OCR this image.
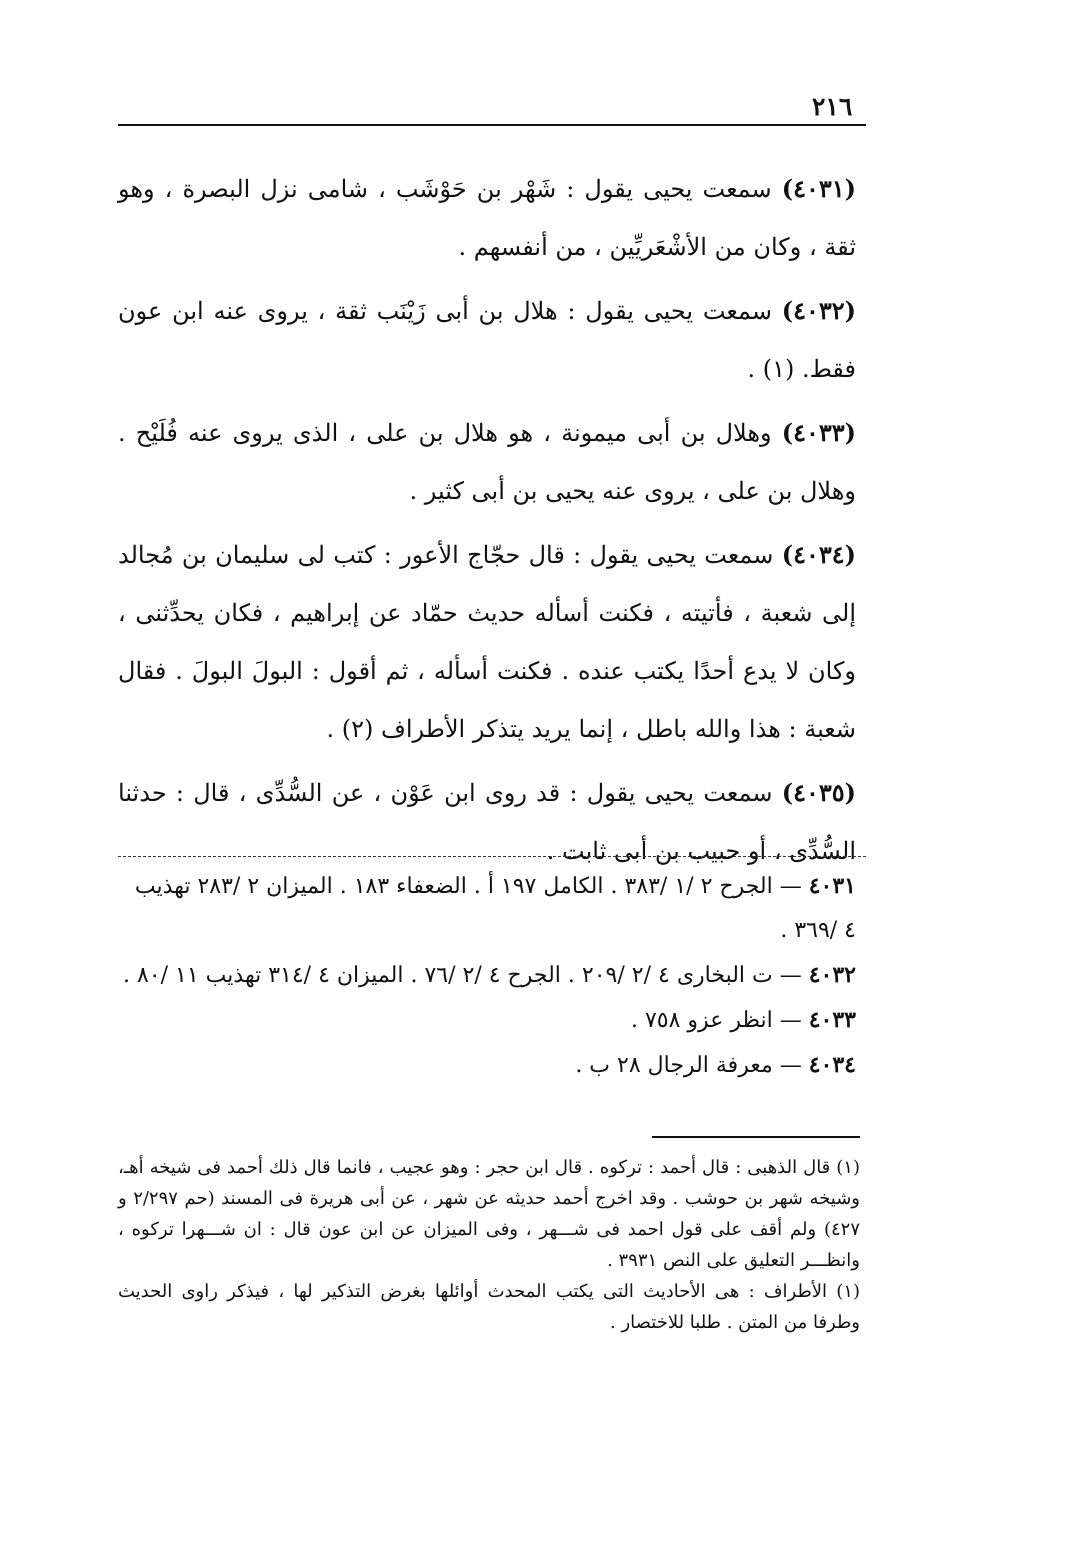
٢١٦

(٤٠٣١) سمعت يحيى يقول : شَهْر بن حَوْشَب ، شامى نزل البصرة ، وهو ثقة ، وكان من الأشْعَريِّين ، من أنفسهم .

(٤٠٣٢) سمعت يحيى يقول : هلال بن أبى زَيْنَب ثقة ، يروى عنه ابن عون فقط. (١) .

(٤٠٣٣) وهلال بن أبى ميمونة ، هو هلال بن على ، الذى يروى عنه فُلَيْح . وهلال بن على ، يروى عنه يحيى بن أبى كثير .

(٤٠٣٤) سمعت يحيى يقول : قال حجّاج الأعور : كتب لى سليمان بن مُجالد إلى شعبة ، فأتيته ، فكنت أسأله حديث حمّاد عن إبراهيم ، فكان يحدِّثنى ، وكان لا يدع أحدًا يكتب عنده . فكنت أسأله ، ثم أقول : البولَ البولَ . فقال شعبة : هذا والله باطل ، إنما يريد يتذكر الأطراف (٢) .

(٤٠٣٥) سمعت يحيى يقول : قد روى ابن عَوْن ، عن السُّدِّى ، قال : حدثنا السُّدِّى ، أو حبيب بن أبى ثابت .

٤٠٣١ — الجرح ٢ /١ /٣٨٣ . الكامل ١٩٧ أ . الضعفاء ١٨٣ . الميزان ٢ /٢٨٣ تهذيب ٤ /٣٦٩ .

٤٠٣٢ — ت البخارى ٤ /٢ /٢٠٩ . الجرح ٤ /٢ /٧٦ . الميزان ٤ /٣١٤ تهذيب ١١ /٨٠ .

٤٠٣٣ — انظر عزو ٧٥٨ .

٤٠٣٤ — معرفة الرجال ٢٨ ب .

(١) قال الذهبى : قال أحمد : تركوه . قال ابن حجر : وهو عجيب ، فانما قال ذلك أحمد فى شيخه أهـ، وشيخه شهر بن حوشب . وقد اخرج أحمد حديثه عن شهر ، عن أبى هريرة فى المسند (حم ٢/٢٩٧ و ٤٢٧) ولم أقف على قول احمد فى شـــهر ، وفى الميزان عن ابن عون قال : ان شـــهرا تركوه ، وانظـــر التعليق على النص ٣٩٣١ .

(١) الأطراف : هى الأحاديث التى يكتب المحدث أوائلها بغرض التذكير لها ، فيذكر راوى الحديث وطرفا من المتن . طلبا للاختصار .
